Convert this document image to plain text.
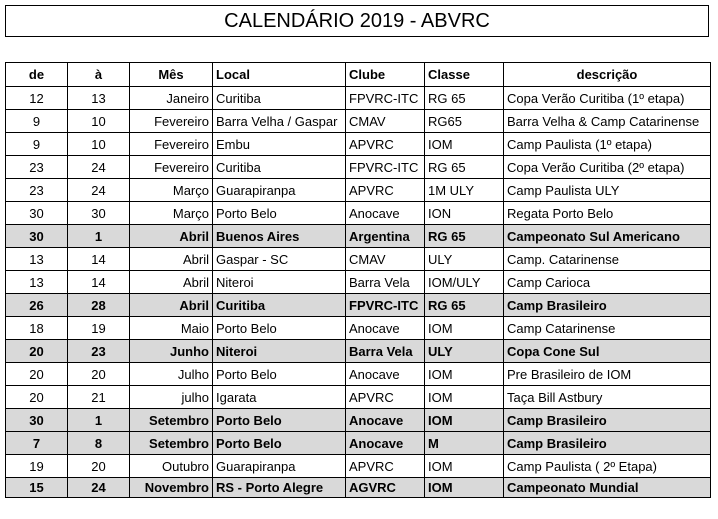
CALENDÁRIO 2019 - ABVRC
de	à	Mês	Local	Clube	Classe	descrição
12	13	Janeiro	Curitiba	FPVRC-ITC	RG 65	Copa Verão Curitiba (1º etapa)
9	10	Fevereiro	Barra Velha / Gaspar	CMAV	RG65	Barra Velha & Camp Catarinense
9	10	Fevereiro	Embu	APVRC	IOM	Camp Paulista (1º etapa)
23	24	Fevereiro	Curitiba	FPVRC-ITC	RG 65	Copa Verão Curitiba (2º etapa)
23	24	Março	Guarapiranpa	APVRC	1M ULY	Camp Paulista ULY
30	30	Março	Porto Belo	Anocave	ION	Regata Porto Belo
30	1	Abril	Buenos Aires	Argentina	RG 65	Campeonato Sul Americano
13	14	Abril	Gaspar - SC	CMAV	ULY	Camp. Catarinense
13	14	Abril	Niteroi	Barra Vela	IOM/ULY	Camp Carioca
26	28	Abril	Curitiba	FPVRC-ITC	RG 65	Camp Brasileiro
18	19	Maio	Porto Belo	Anocave	IOM	Camp Catarinense
20	23	Junho	Niteroi	Barra Vela	ULY	Copa Cone Sul
20	20	Julho	Porto Belo	Anocave	IOM	Pre Brasileiro de IOM
20	21	julho	Igarata	APVRC	IOM	Taça Bill Astbury
30	1	Setembro	Porto Belo	Anocave	IOM	Camp Brasileiro
7	8	Setembro	Porto Belo	Anocave	M	Camp Brasileiro
19	20	Outubro	Guarapiranpa	APVRC	IOM	Camp Paulista ( 2º Etapa)
15	24	Novembro	RS - Porto Alegre	AGVRC	IOM	Campeonato Mundial
